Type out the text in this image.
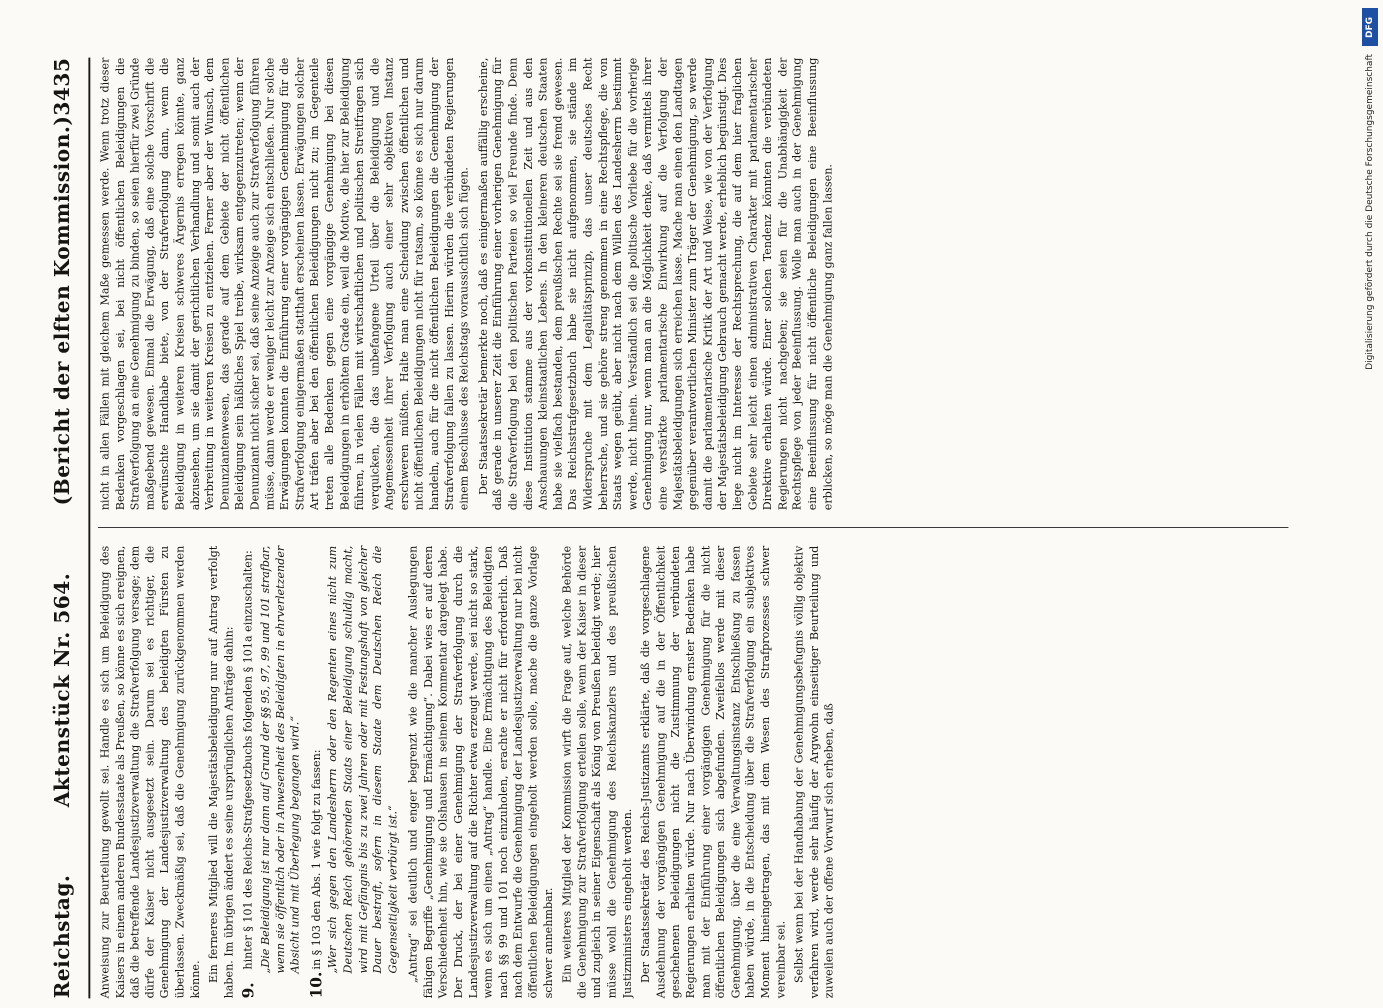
Reichstag.
Aktenstück Nr. 564.
(Bericht der elften Kommission.)
3435

Anweisung zur Beurteilung gewollt sei. Handle es sich um Beleidigung des Kaisers in einem anderen Bundesstaate als Preußen, so könne es sich ereignen, daß die betreffende Landesjustizverwaltung die Strafverfolgung versage; dem dürfe der Kaiser nicht ausgesetzt sein. Darum sei es richtiger, die Genehmigung der Landesjustizverwaltung des beleidigten Fürsten zu überlassen. Zweckmäßig sei, daß die Genehmigung zurückgenommen werden könne. Ein ferneres Mitglied will die Majestätsbeleidigung nur auf Antrag verfolgt haben. Im übrigen ändert es seine ursprünglichen Anträge dahin: 9.
hinter § 101 des Reichs-Strafgesetzbuchs folgenden § 101a einzuschalten: „Die Beleidigung ist nur dann auf Grund der §§ 95, 97, 99 und 101 strafbar, wenn sie öffentlich oder in Anwesenheit des Beleidigten in ehrverletzender Absicht und mit Überlegung begangen wird.“
10.
in § 103 den Abs. 1 wie folgt zu fassen: „Wer sich gegen den Landesherrn oder den Regenten eines nicht zum Deutschen Reich gehörenden Staats einer Beleidigung schuldig macht, wird mit Gefängnis bis zu zwei Jahren oder mit Festungshaft von gleicher Dauer bestraft, sofern in diesem Staate dem Deutschen Reich die Gegenseitigkeit verbürgt ist.“ „Antrag“ sei deutlich und enger begrenzt wie die mancher Auslegungen fähigen Begriffe „Genehmigung und Ermächtigung“. Dabei wies er auf deren Verschiedenheit hin, wie sie Olshausen in seinem Kommentar dargelegt habe. Der Druck, der bei einer Genehmigung der Strafverfolgung durch die Landesjustizverwaltung auf die Richter etwa erzeugt werde, sei nicht so stark, wenn es sich um einen „Antrag“ handle. Eine Ermächtigung des Beleidigten nach §§ 99 und 101 noch einzuholen, erachte er nicht für erforderlich. Daß nach dem Entwurfe die Genehmigung der Landesjustizverwaltung nur bei nicht öffentlichen Beleidigungen eingeholt werden solle, mache die ganze Vorlage schwer annehmbar. Ein weiteres Mitglied der Kommission wirft die Frage auf, welche Behörde die Genehmigung zur Strafverfolgung erteilen solle, wenn der Kaiser in dieser und zugleich in seiner Eigenschaft als König von Preußen beleidigt werde; hier müsse wohl die Genehmigung des Reichskanzlers und des preußischen Justizministers eingeholt werden. Der Staatssekretär des Reichs-Justizamts erklärte, daß die vorgeschlagene Ausdehnung der vorgängigen Genehmigung auf die in der Öffentlichkeit geschehenen Beleidigungen nicht die Zustimmung der verbündeten Regierungen erhalten würde. Nur nach Überwindung ernster Bedenken habe man mit der Einführung einer vorgängigen Genehmigung für die nicht öffentlichen Beleidigungen sich abgefunden. Zweifellos werde mit dieser Genehmigung, über die eine Verwaltungsinstanz Entschließung zu fassen haben würde, in die Entscheidung über die Strafverfolgung ein subjektives Moment hineingetragen, das mit dem Wesen des Strafprozesses schwer vereinbar sei. Selbst wenn bei der Handhabung der Genehmigungsbefugnis völlig objektiv verfahren wird, werde sehr häufig der Argwohn einseitiger Beurteilung und zuweilen auch der offene Vorwurf sich erheben, daß

nicht in allen Fällen mit gleichem Maße gemessen werde. Wenn trotz dieser Bedenken vorgeschlagen sei, bei nicht öffentlichen Beleidigungen die Strafverfolgung an eine Genehmigung zu binden, so seien hierfür zwei Gründe maßgebend gewesen. Einmal die Erwägung, daß eine solche Vorschrift die erwünschte Handhabe biete, von der Strafverfolgung dann, wenn die Beleidigung in weiteren Kreisen schweres Ärgernis erregen könnte, ganz abzusehen, um sie damit der gerichtlichen Verhandlung und somit auch der Verbreitung in weiteren Kreisen zu entziehen. Ferner aber der Wunsch, dem Denunziantenwesen, das gerade auf dem Gebiete der nicht öffentlichen Beleidigung sein häßliches Spiel treibe, wirksam entgegenzutreten; wenn der Denunziant nicht sicher sei, daß seine Anzeige auch zur Strafverfolgung führen müsse, dann werde er weniger leicht zur Anzeige sich entschließen. Nur solche Erwägungen konnten die Einführung einer vorgängigen Genehmigung für die Strafverfolgung einigermaßen statthaft erscheinen lassen. Erwägungen solcher Art träfen aber bei den öffentlichen Beleidigungen nicht zu; im Gegenteile treten alle Bedenken gegen eine vorgängige Genehmigung bei diesen Beleidigungen in erhöhtem Grade ein, weil die Motive, die hier zur Beleidigung führen, in vielen Fällen mit wirtschaftlichen und politischen Streitfragen sich verquicken, die das unbefangene Urteil über die Beleidigung und die Angemessenheit ihrer Verfolgung auch einer sehr objektiven Instanz erschweren müßten. Halte man eine Scheidung zwischen öffentlichen und nicht öffentlichen Beleidigungen nicht für ratsam, so könne es sich nur darum handeln, auch für die nicht öffentlichen Beleidigungen die Genehmigung der Strafverfolgung fallen zu lassen. Hierin würden die verbündeten Regierungen einem Beschlusse des Reichstags voraussichtlich sich fügen. Der Staatssekretär bemerkte noch, daß es einigermaßen auffällig erscheine, daß gerade in unserer Zeit die Einführung einer vorherigen Genehmigung für die Strafverfolgung bei den politischen Parteien so viel Freunde finde. Denn diese Institution stamme aus der vorkonstitutionellen Zeit und aus den Anschauungen kleinstaatlichen Lebens. In den kleineren deutschen Staaten habe sie vielfach bestanden, dem preußischen Rechte sei sie fremd gewesen. Das Reichsstrafgesetzbuch habe sie nicht aufgenommen, sie stände im Widerspruche mit dem Legalitätsprinzip, das unser deutsches Recht beherrsche, und sie gehöre streng genommen in eine Rechtspflege, die von Staats wegen geübt, aber nicht nach dem Willen des Landesherrn bestimmt werde, nicht hinein. Verständlich sei die politische Vorliebe für die vorherige Genehmigung nur, wenn man an die Möglichkeit denke, daß vermittels ihrer eine verstärkte parlamentarische Einwirkung auf die Verfolgung der Majestätsbeleidigungen sich erreichen lasse. Mache man einen den Landtagen gegenüber verantwortlichen Minister zum Träger der Genehmigung, so werde damit die parlamentarische Kritik der Art und Weise, wie von der Verfolgung der Majestätsbeleidigung Gebrauch gemacht werde, erheblich begünstigt. Dies liege nicht im Interesse der Rechtsprechung, die auf dem hier fraglichen Gebiete sehr leicht einen administrativen Charakter mit parlamentarischer Direktive erhalten würde. Einer solchen Tendenz könnten die verbündeten Regierungen nicht nachgeben; sie seien für die Unabhängigkeit der Rechtspflege von jeder Beeinflussung. Wolle man auch in der Genehmigung eine Beeinflussung für nicht öffentliche Beleidigungen eine Beeinflussung erblicken, so möge man die Genehmigung ganz fallen lassen.

DFG
Digitalisierung gefördert durch die Deutsche Forschungsgemeinschaft
